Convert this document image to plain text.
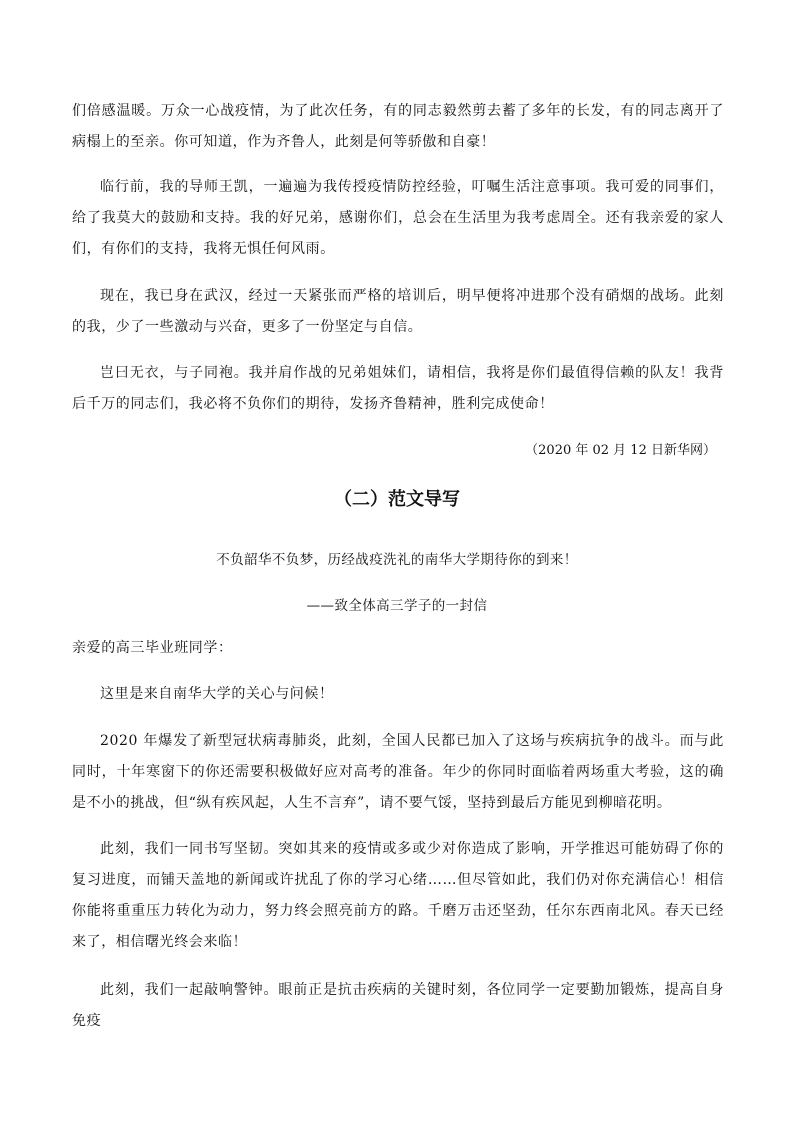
们倍感温暖。万众一心战疫情，为了此次任务，有的同志毅然剪去蓄了多年的长发，有的同志离开了病榻上的至亲。你可知道，作为齐鲁人，此刻是何等骄傲和自豪！

临行前，我的导师王凯，一遍遍为我传授疫情防控经验，叮嘱生活注意事项。我可爱的同事们，给了我莫大的鼓励和支持。我的好兄弟，感谢你们，总会在生活里为我考虑周全。还有我亲爱的家人们，有你们的支持，我将无惧任何风雨。

现在，我已身在武汉，经过一天紧张而严格的培训后，明早便将冲进那个没有硝烟的战场。此刻的我，少了一些激动与兴奋，更多了一份坚定与自信。

岂曰无衣，与子同袍。我并肩作战的兄弟姐妹们，请相信，我将是你们最值得信赖的队友！我背后千万的同志们，我必将不负你们的期待，发扬齐鲁精神，胜利完成使命！

（2020 年 02 月 12 日新华网）

（二）范文导写

不负韶华不负梦，历经战疫洗礼的南华大学期待你的到来！

——致全体高三学子的一封信

亲爱的高三毕业班同学：

这里是来自南华大学的关心与问候！

2020 年爆发了新型冠状病毒肺炎，此刻，全国人民都已加入了这场与疾病抗争的战斗。而与此同时，十年寒窗下的你还需要积极做好应对高考的准备。年少的你同时面临着两场重大考验，这的确是不小的挑战，但“纵有疾风起，人生不言弃”，请不要气馁，坚持到最后方能见到柳暗花明。

此刻，我们一同书写坚韧。突如其来的疫情或多或少对你造成了影响，开学推迟可能妨碍了你的复习进度，而铺天盖地的新闻或许扰乱了你的学习心绪……但尽管如此，我们仍对你充满信心！相信你能将重重压力转化为动力，努力终会照亮前方的路。千磨万击还坚劲，任尔东西南北风。春天已经来了，相信曙光终会来临！

此刻，我们一起敲响警钟。眼前正是抗击疾病的关键时刻，各位同学一定要勤加锻炼，提高自身免疫
